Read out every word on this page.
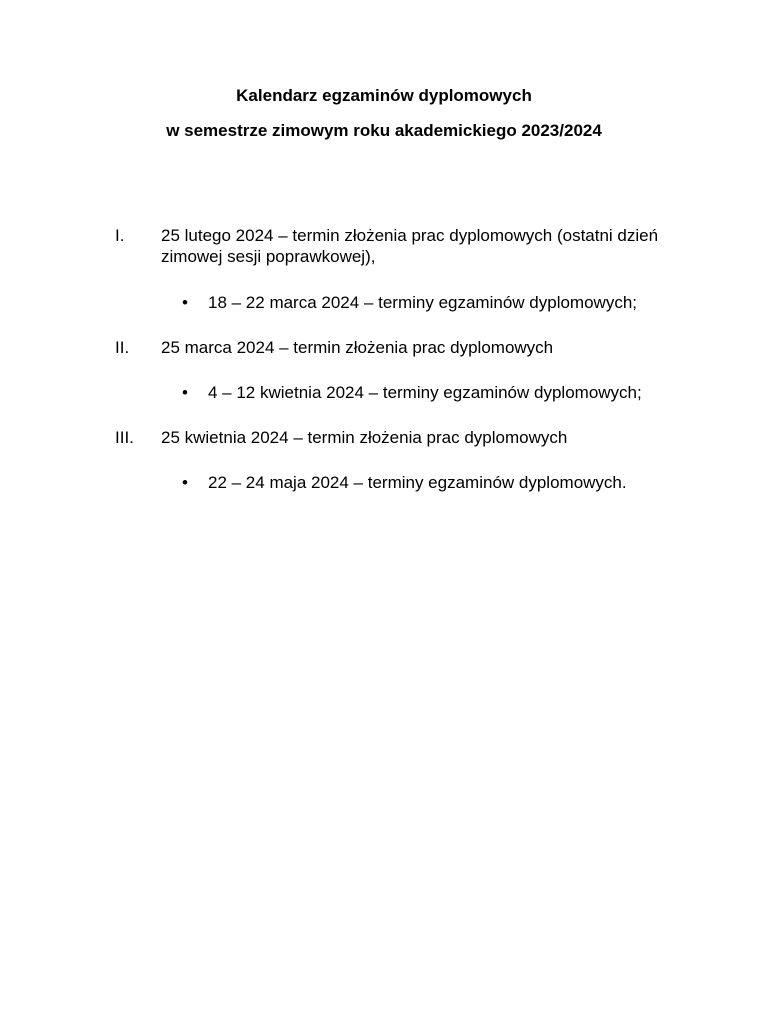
Kalendarz egzaminów dyplomowych
w semestrze zimowym roku akademickiego 2023/2024
I. 25 lutego 2024 – termin złożenia prac dyplomowych (ostatni dzień zimowej sesji poprawkowej),
• 18 – 22 marca 2024 – terminy egzaminów dyplomowych;
II. 25 marca 2024 – termin złożenia prac dyplomowych
• 4 – 12 kwietnia 2024 – terminy egzaminów dyplomowych;
III. 25 kwietnia 2024 – termin złożenia prac dyplomowych
• 22 – 24 maja 2024 – terminy egzaminów dyplomowych.
